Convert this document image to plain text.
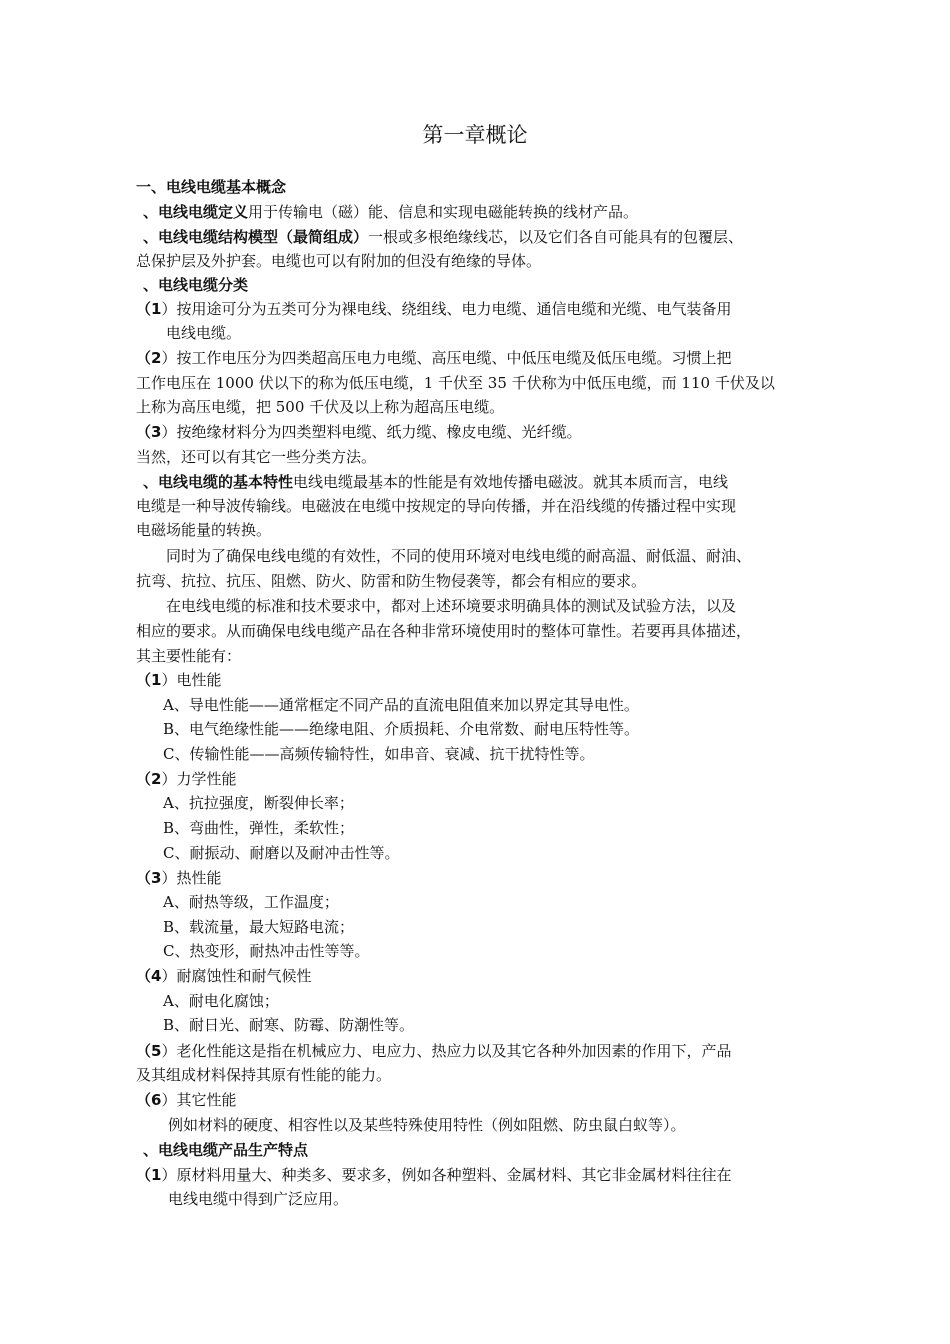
第一章概论
一、电线电缆基本概念
、电线电缆定义用于传输电（磁）能、信息和实现电磁能转换的线材产品。
、电线电缆结构模型（最简组成）一根或多根绝缘线芯，以及它们各自可能具有的包覆层、
总保护层及外护套。电缆也可以有附加的但没有绝缘的导体。
、电线电缆分类
（1）按用途可分为五类可分为裸电线、绕组线、电力电缆、通信电缆和光缆、电气装备用
电线电缆。
（2）按工作电压分为四类超高压电力电缆、高压电缆、中低压电缆及低压电缆。习惯上把
工作电压在 1000 伏以下的称为低压电缆，1 千伏至 35 千伏称为中低压电缆，而 110 千伏及以
上称为高压电缆，把 500 千伏及以上称为超高压电缆。
（3）按绝缘材料分为四类塑料电缆、纸力缆、橡皮电缆、光纤缆。
当然，还可以有其它一些分类方法。
、电线电缆的基本特性电线电缆最基本的性能是有效地传播电磁波。就其本质而言，电线
电缆是一种导波传输线。电磁波在电缆中按规定的导向传播，并在沿线缆的传播过程中实现
电磁场能量的转换。
同时为了确保电线电缆的有效性，不同的使用环境对电线电缆的耐高温、耐低温、耐油、
抗弯、抗拉、抗压、阻燃、防火、防雷和防生物侵袭等，都会有相应的要求。
在电线电缆的标准和技术要求中，都对上述环境要求明确具体的测试及试验方法，以及
相应的要求。从而确保电线电缆产品在各种非常环境使用时的整体可靠性。若要再具体描述，
其主要性能有：
（1）电性能
A、导电性能——通常框定不同产品的直流电阻值来加以界定其导电性。
B、电气绝缘性能——绝缘电阻、介质损耗、介电常数、耐电压特性等。
C、传输性能——高频传输特性，如串音、衰减、抗干扰特性等。
（2）力学性能
A、抗拉强度，断裂伸长率；
B、弯曲性，弹性，柔软性；
C、耐振动、耐磨以及耐冲击性等。
（3）热性能
A、耐热等级，工作温度；
B、载流量，最大短路电流；
C、热变形，耐热冲击性等等。
（4）耐腐蚀性和耐气候性
A、耐电化腐蚀；
B、耐日光、耐寒、防霉、防潮性等。
（5）老化性能这是指在机械应力、电应力、热应力以及其它各种外加因素的作用下，产品
及其组成材料保持其原有性能的能力。
（6）其它性能
例如材料的硬度、相容性以及某些特殊使用特性（例如阻燃、防虫鼠白蚁等）。
、电线电缆产品生产特点
（1）原材料用量大、种类多、要求多，例如各种塑料、金属材料、其它非金属材料往往在
电线电缆中得到广泛应用。
